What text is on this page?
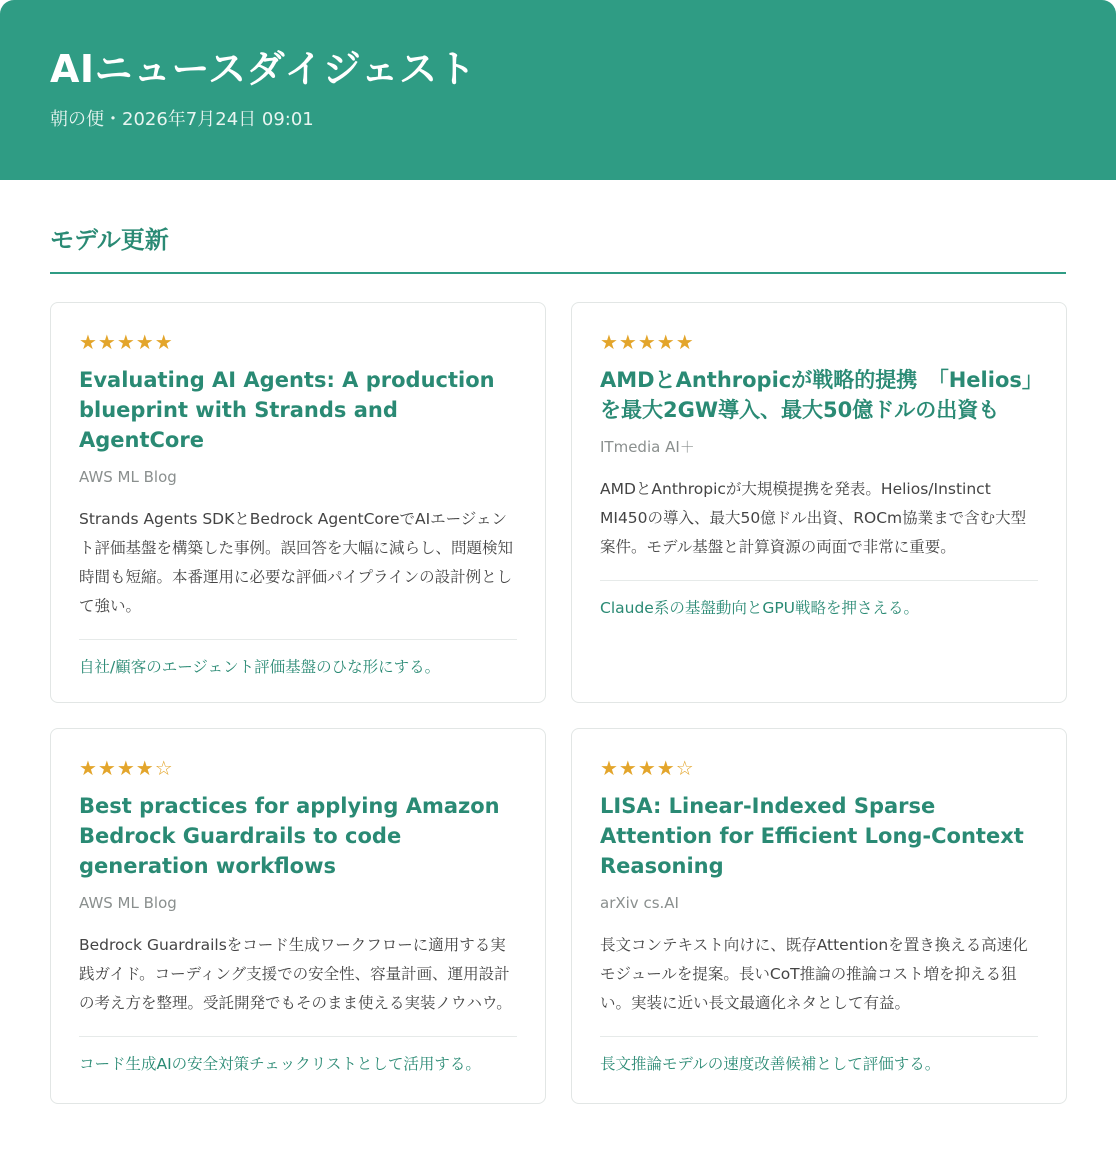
AIニュースダイジェスト
朝の便・2026年7月24日 09:01
モデル更新
★★★★★
Evaluating AI Agents: A production blueprint with Strands and AgentCore
AWS ML Blog
Strands Agents SDKとBedrock AgentCoreでAIエージェント評価基盤を構築した事例。誤回答を大幅に減らし、問題検知時間も短縮。本番運用に必要な評価パイプラインの設計例として強い。
自社/顧客のエージェント評価基盤のひな形にする。
★★★★★
AMDとAnthropicが戦略的提携　「Helios」を最大2GW導入、最大50億ドルの出資も
ITmedia AI＋
AMDとAnthropicが大規模提携を発表。Helios/Instinct MI450の導入、最大50億ドル出資、ROCm協業まで含む大型案件。モデル基盤と計算資源の両面で非常に重要。
Claude系の基盤動向とGPU戦略を押さえる。
★★★★☆
Best practices for applying Amazon Bedrock Guardrails to code generation workflows
AWS ML Blog
Bedrock Guardrailsをコード生成ワークフローに適用する実践ガイド。コーディング支援での安全性、容量計画、運用設計の考え方を整理。受託開発でもそのまま使える実装ノウハウ。
コード生成AIの安全対策チェックリストとして活用する。
★★★★☆
LISA: Linear-Indexed Sparse Attention for Efficient Long-Context Reasoning
arXiv cs.AI
長文コンテキスト向けに、既存Attentionを置き換える高速化モジュールを提案。長いCoT推論の推論コスト増を抑える狙い。実装に近い長文最適化ネタとして有益。
長文推論モデルの速度改善候補として評価する。
